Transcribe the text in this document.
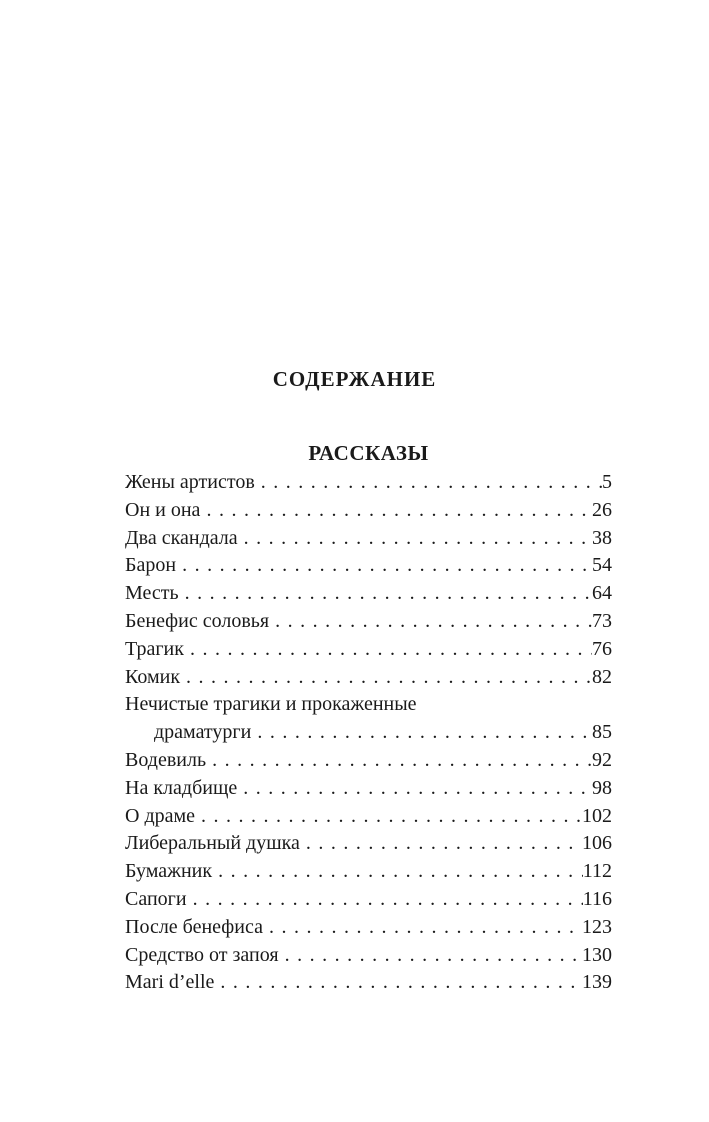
СОДЕРЖАНИЕ
РАССКАЗЫ
Жены артистов . . .	5
Он и она . . .	26
Два скандала . . .	38
Барон . . .	54
Месть . . .	64
Бенефис соловья . . .	73
Трагик . . .	76
Комик . . .	82
Нечистые трагики и прокаженные
драматурги . . .	85
Водевиль . . .	92
На кладбище . . .	98
О драме . . .	102
Либеральный душка . . .	106
Бумажник . . .	112
Сапоги . . .	116
После бенефиса . . .	123
Средство от запоя . . .	130
Mari d’elle . . .	139
